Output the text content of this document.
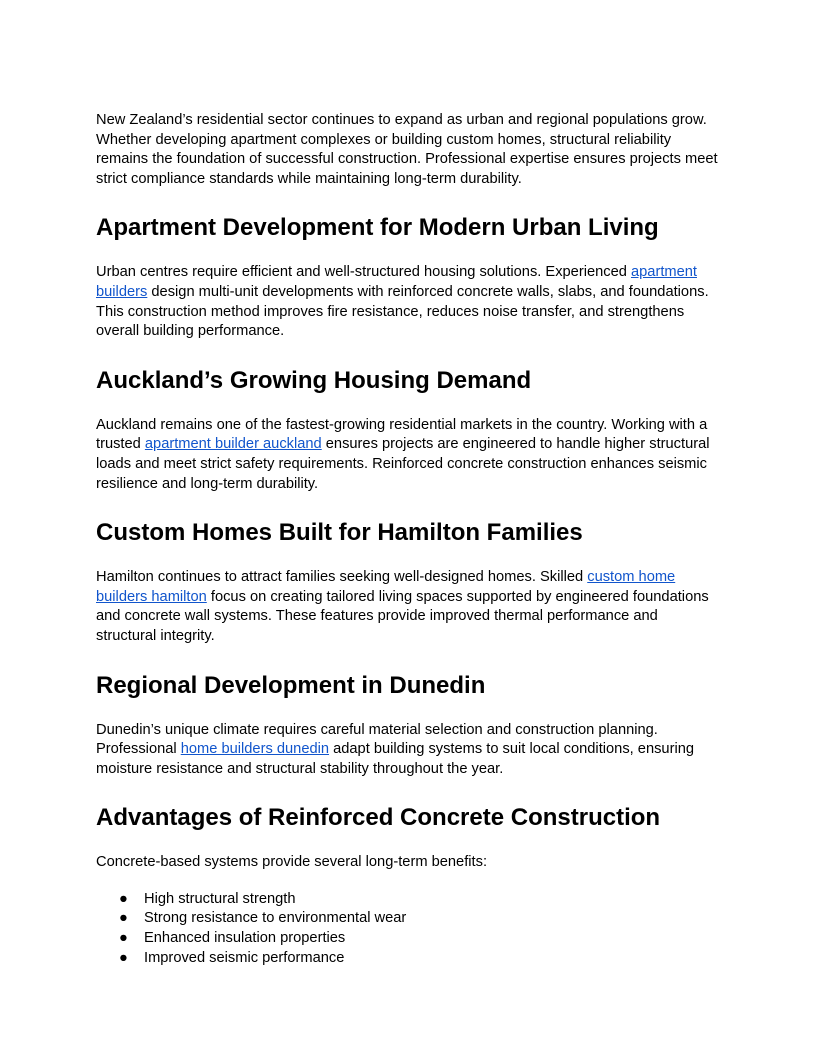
New Zealand’s residential sector continues to expand as urban and regional populations grow. Whether developing apartment complexes or building custom homes, structural reliability remains the foundation of successful construction. Professional expertise ensures projects meet strict compliance standards while maintaining long-term durability.

Apartment Development for Modern Urban Living

Urban centres require efficient and well-structured housing solutions. Experienced apartment builders design multi-unit developments with reinforced concrete walls, slabs, and foundations. This construction method improves fire resistance, reduces noise transfer, and strengthens overall building performance.

Auckland’s Growing Housing Demand

Auckland remains one of the fastest-growing residential markets in the country. Working with a trusted apartment builder auckland ensures projects are engineered to handle higher structural loads and meet strict safety requirements. Reinforced concrete construction enhances seismic resilience and long-term durability.

Custom Homes Built for Hamilton Families

Hamilton continues to attract families seeking well-designed homes. Skilled custom home builders hamilton focus on creating tailored living spaces supported by engineered foundations and concrete wall systems. These features provide improved thermal performance and structural integrity.

Regional Development in Dunedin

Dunedin’s unique climate requires careful material selection and construction planning. Professional home builders dunedin adapt building systems to suit local conditions, ensuring moisture resistance and structural stability throughout the year.

Advantages of Reinforced Concrete Construction

Concrete-based systems provide several long-term benefits:

● High structural strength
● Strong resistance to environmental wear
● Enhanced insulation properties
● Improved seismic performance
